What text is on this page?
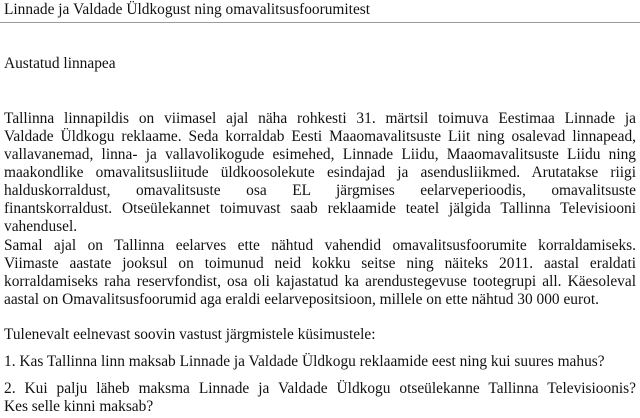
Linnade ja Valdade Üldkogust ning omavalitsusfoorumitest
Austatud linnapea
Tallinna linnapildis on viimasel ajal näha rohkesti 31. märtsil toimuva Eestimaa Linnade ja
Valdade Üldkogu reklaame. Seda korraldab Eesti Maaomavalitsuste Liit ning osalevad linnapead,
vallavanemad, linna- ja vallavolikogude esimehed, Linnade Liidu, Maaomavalitsuste Liidu ning
maakondlike omavalitsusliitude üldkoosolekute esindajad ja asendusliikmed. Arutatakse riigi
halduskorraldust, omavalitsuste osa EL järgmises eelarveperioodis, omavalitsuste
finantskorraldust. Otseülekannet toimuvast saab reklaamide teatel jälgida Tallinna Televisiooni
vahendusel.
Samal ajal on Tallinna eelarves ette nähtud vahendid omavalitsusfoorumite korraldamiseks.
Viimaste aastate jooksul on toimunud neid kokku seitse ning näiteks 2011. aastal eraldati
korraldamiseks raha reservfondist, osa oli kajastatud ka arendustegevuse tootegrupi all. Käesoleval
aastal on Omavalitsusfoorumid aga eraldi eelarvepositsioon, millele on ette nähtud 30 000 eurot.
Tulenevalt eelnevast soovin vastust järgmistele küsimustele:
1. Kas Tallinna linn maksab Linnade ja Valdade Üldkogu reklaamide eest ning kui suures mahus?
2. Kui palju läheb maksma Linnade ja Valdade Üldkogu otseülekanne Tallinna Televisioonis?
Kes selle kinni maksab?
